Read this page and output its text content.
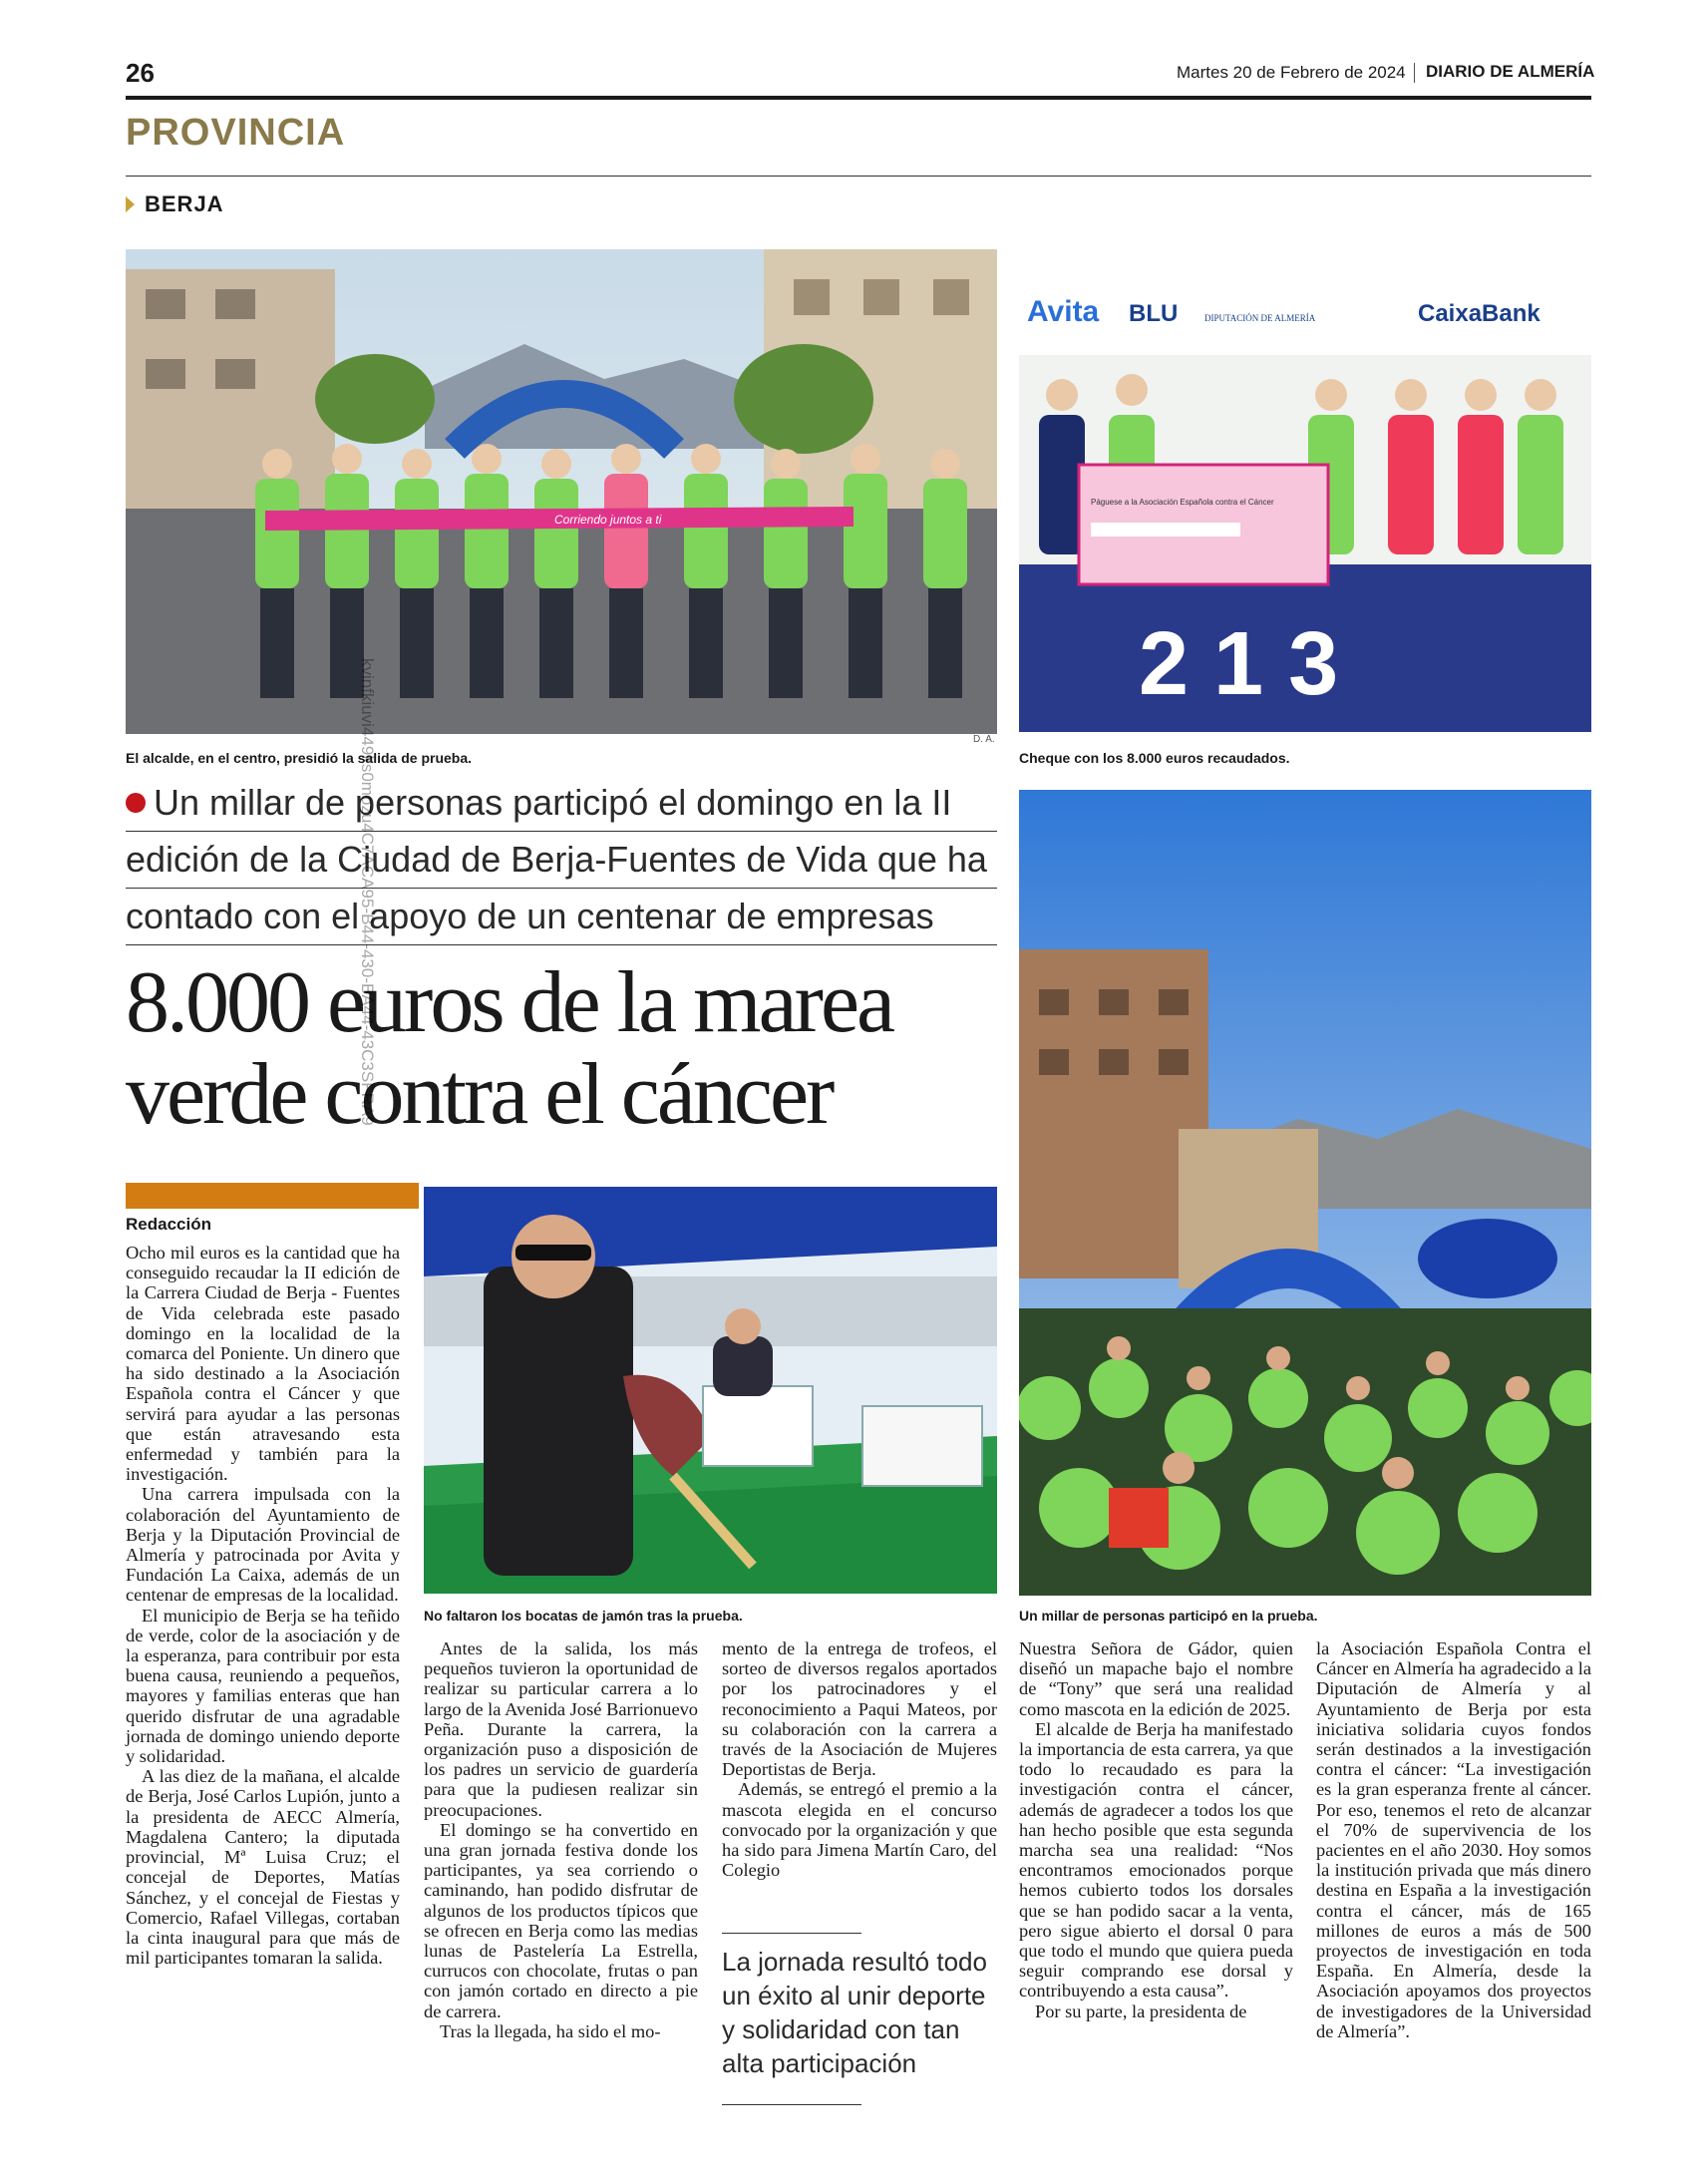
26	Martes 20 de Febrero de 2024 DIARIO DE ALMERÍA
PROVINCIA
BERJA
Corriendo juntos a ti
El alcalde, en el centro, presidió la salida de prueba.
D. A.
Avita BLU	DIPUTACIÓN DE ALMERÍA	CaixaBank
Páguese a la Asociación Española contra el Cáncer
2 1 3
Cheque con los 8.000 euros recaudados.
Un millar de personas participó el domingo en la II
edición de la Ciudad de Berja-Fuentes de Vida que ha
contado con el apoyo de un centenar de empresas
8.000 euros de la marea
verde contra el cáncer
Redacción
No faltaron los bocatas de jamón tras la prueba.	Un millar de personas participó en la prueba.
kvinfkiuvi449ks0mozu4C7ACA95-B44-430-BA44-43C3SFRA9

Ocho mil euros es la cantidad que ha conseguido recaudar la II edición de la Carrera Ciudad de Berja - Fuentes de Vida celebrada este pasado domingo en la localidad de la comarca del Poniente. Un dinero que ha sido destinado a la Asociación Española contra el Cáncer y que servirá para ayudar a las personas que están atravesando esta enfermedad y también para la investigación.

Una carrera impulsada con la colaboración del Ayuntamiento de Berja y la Diputación Provincial de Almería y patrocinada por Avita y Fundación La Caixa, además de un centenar de empresas de la localidad.

El municipio de Berja se ha teñido de verde, color de la asociación y de la esperanza, para contribuir por esta buena causa, reuniendo a pequeños, mayores y familias enteras que han querido disfrutar de una agradable jornada de domingo uniendo deporte y solidaridad.

A las diez de la mañana, el alcalde de Berja, José Carlos Lupión, junto a la presidenta de AECC Almería, Magdalena Cantero; la diputada provincial, Mª Luisa Cruz; el concejal de Deportes, Matías Sánchez, y el concejal de Fiestas y Comercio, Rafael Villegas, cortaban la cinta inaugural para que más de mil participantes tomaran la salida.

Antes de la salida, los más pequeños tuvieron la oportunidad de realizar su particular carrera a lo largo de la Avenida José Barrionuevo Peña. Durante la carrera, la organización puso a disposición de los padres un servicio de guardería para que la pudiesen realizar sin preocupaciones.

El domingo se ha convertido en una gran jornada festiva donde los participantes, ya sea corriendo o caminando, han podido disfrutar de algunos de los productos típicos que se ofrecen en Berja como las medias lunas de Pastelería La Estrella, currucos con chocolate, frutas o pan con jamón cortado en directo a pie de carrera.

Tras la llegada, ha sido el mo-

mento de la entrega de trofeos, el sorteo de diversos regalos aportados por los patrocinadores y el reconocimiento a Paqui Mateos, por su colaboración con la carrera a través de la Asociación de Mujeres Deportistas de Berja.

Además, se entregó el premio a la mascota elegida en el concurso convocado por la organización y que ha sido para Jimena Martín Caro, del Colegio

La jornada resultó todo un éxito al unir deporte y solidaridad con tan alta participación

Nuestra Señora de Gádor, quien diseñó un mapache bajo el nombre de “Tony” que será una realidad como mascota en la edición de 2025.

El alcalde de Berja ha manifestado la importancia de esta carrera, ya que todo lo recaudado es para la investigación contra el cáncer, además de agradecer a todos los que han hecho posible que esta segunda marcha sea una realidad: “Nos encontramos emocionados porque hemos cubierto todos los dorsales que se han podido sacar a la venta, pero sigue abierto el dorsal 0 para que todo el mundo que quiera pueda seguir comprando ese dorsal y contribuyendo a esta causa”.

Por su parte, la presidenta de

la Asociación Española Contra el Cáncer en Almería ha agradecido a la Diputación de Almería y al Ayuntamiento de Berja por esta iniciativa solidaria cuyos fondos serán destinados a la investigación contra el cáncer: “La investigación es la gran esperanza frente al cáncer. Por eso, tenemos el reto de alcanzar el 70% de supervivencia de los pacientes en el año 2030. Hoy somos la institución privada que más dinero destina en España a la investigación contra el cáncer, más de 165 millones de euros a más de 500 proyectos de investigación en toda España. En Almería, desde la Asociación apoyamos dos proyectos de investigadores de la Universidad de Almería”.
